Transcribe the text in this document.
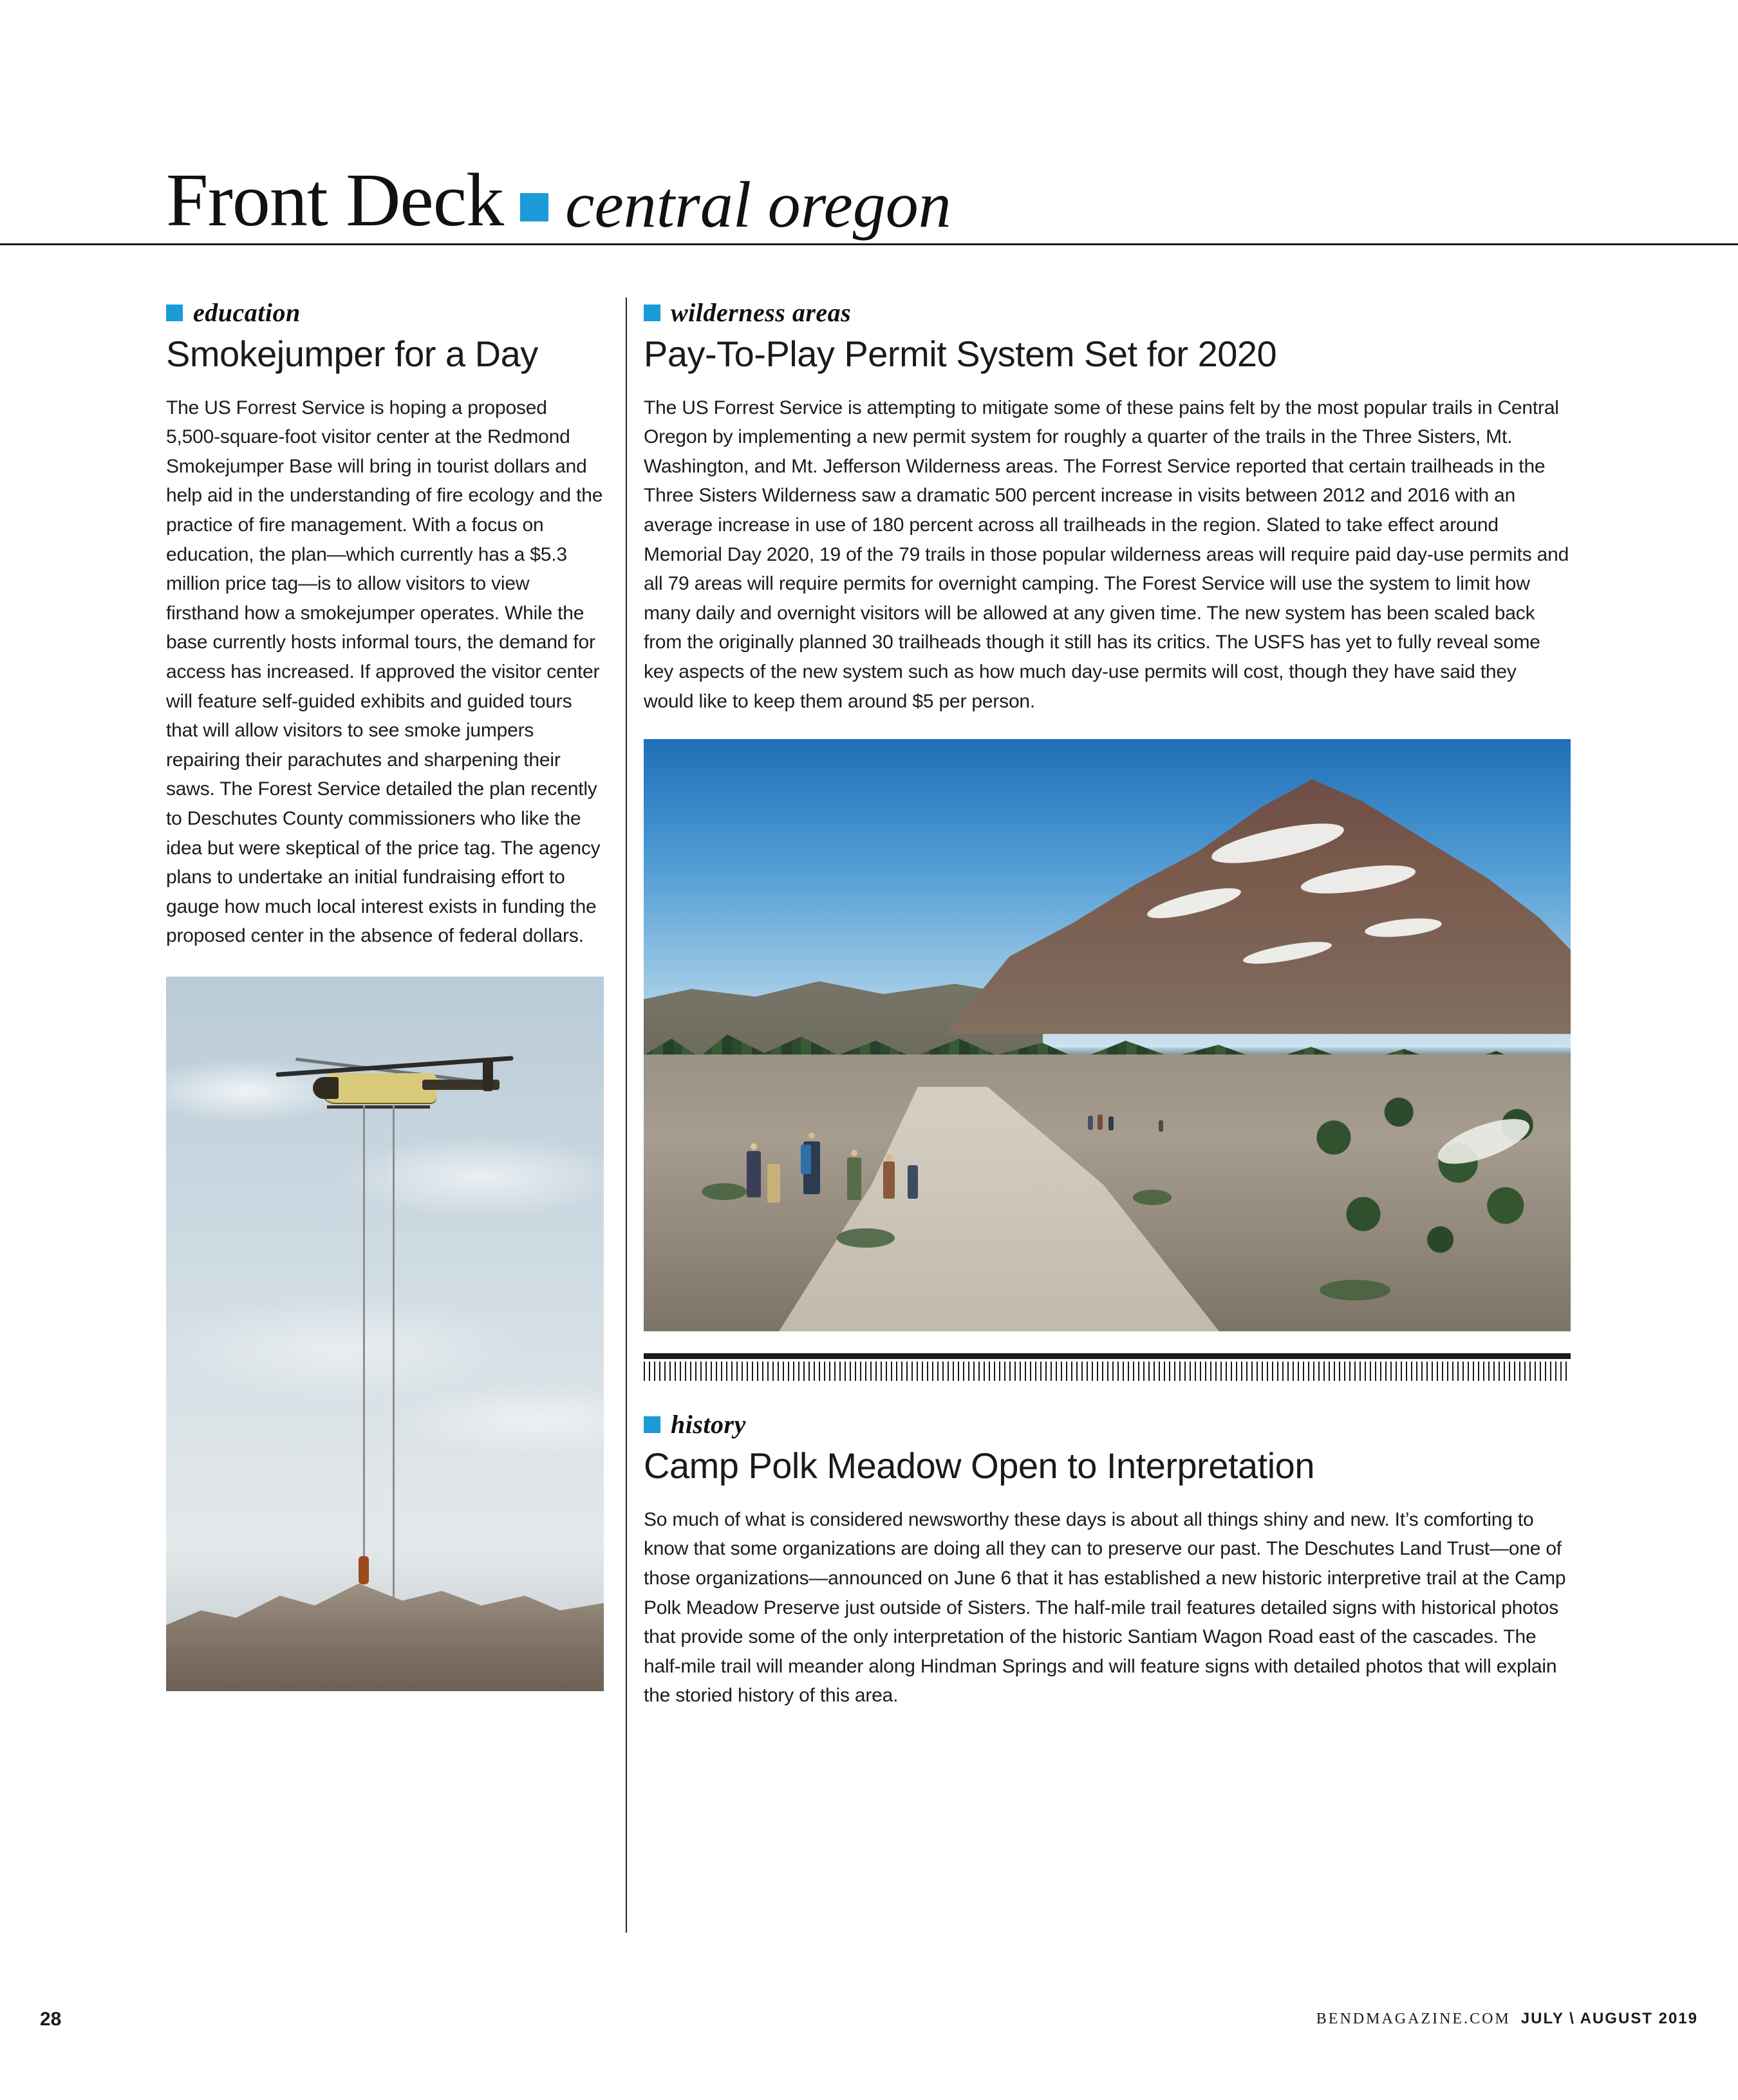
Front Deck central oregon
education
Smokejumper for a Day

The US Forrest Service is hoping a proposed 5,500-square-foot visitor center at the Redmond Smokejumper Base will bring in tourist dollars and help aid in the understanding of fire ecology and the practice of fire management. With a focus on education, the plan—which currently has a $5.3 million price tag—is to allow visitors to view firsthand how a smokejumper operates. While the base currently hosts informal tours, the demand for access has increased. If approved the visitor center will feature self-guided exhibits and guided tours that will allow visitors to see smoke jumpers repairing their parachutes and sharpening their saws. The Forest Service detailed the plan recently to Deschutes County commissioners who like the idea but were skeptical of the price tag. The agency plans to undertake an initial fundraising effort to gauge how much local interest exists in funding the proposed center in the absence of federal dollars.

wilderness areas
Pay-To-Play Permit System Set for 2020

The US Forrest Service is attempting to mitigate some of these pains felt by the most popular trails in Central Oregon by implementing a new permit system for roughly a quarter of the trails in the Three Sisters, Mt. Washington, and Mt. Jefferson Wilderness areas. The Forrest Service reported that certain trailheads in the Three Sisters Wilderness saw a dramatic 500 percent increase in visits between 2012 and 2016 with an average increase in use of 180 percent across all trailheads in the region. Slated to take effect around Memorial Day 2020, 19 of the 79 trails in those popular wilderness areas will require paid day-use permits and all 79 areas will require permits for overnight camping. The Forest Service will use the system to limit how many daily and overnight visitors will be allowed at any given time. The new system has been scaled back from the originally planned 30 trailheads though it still has its critics. The USFS has yet to fully reveal some key aspects of the new system such as how much day-use permits will cost, though they have said they would like to keep them around $5 per person.

history
Camp Polk Meadow Open to Interpretation

So much of what is considered newsworthy these days is about all things shiny and new. It’s comforting to know that some organizations are doing all they can to preserve our past. The Deschutes Land Trust—one of those organizations—announced on June 6 that it has established a new historic interpretive trail at the Camp Polk Meadow Preserve just outside of Sisters. The half-mile trail features detailed signs with historical photos that provide some of the only interpretation of the historic Santiam Wagon Road east of the cascades. The half-mile trail will meander along Hindman Springs and will feature signs with detailed photos that will explain the storied history of this area.

28	BENDMAGAZINE.COM JULY \ AUGUST 2019
